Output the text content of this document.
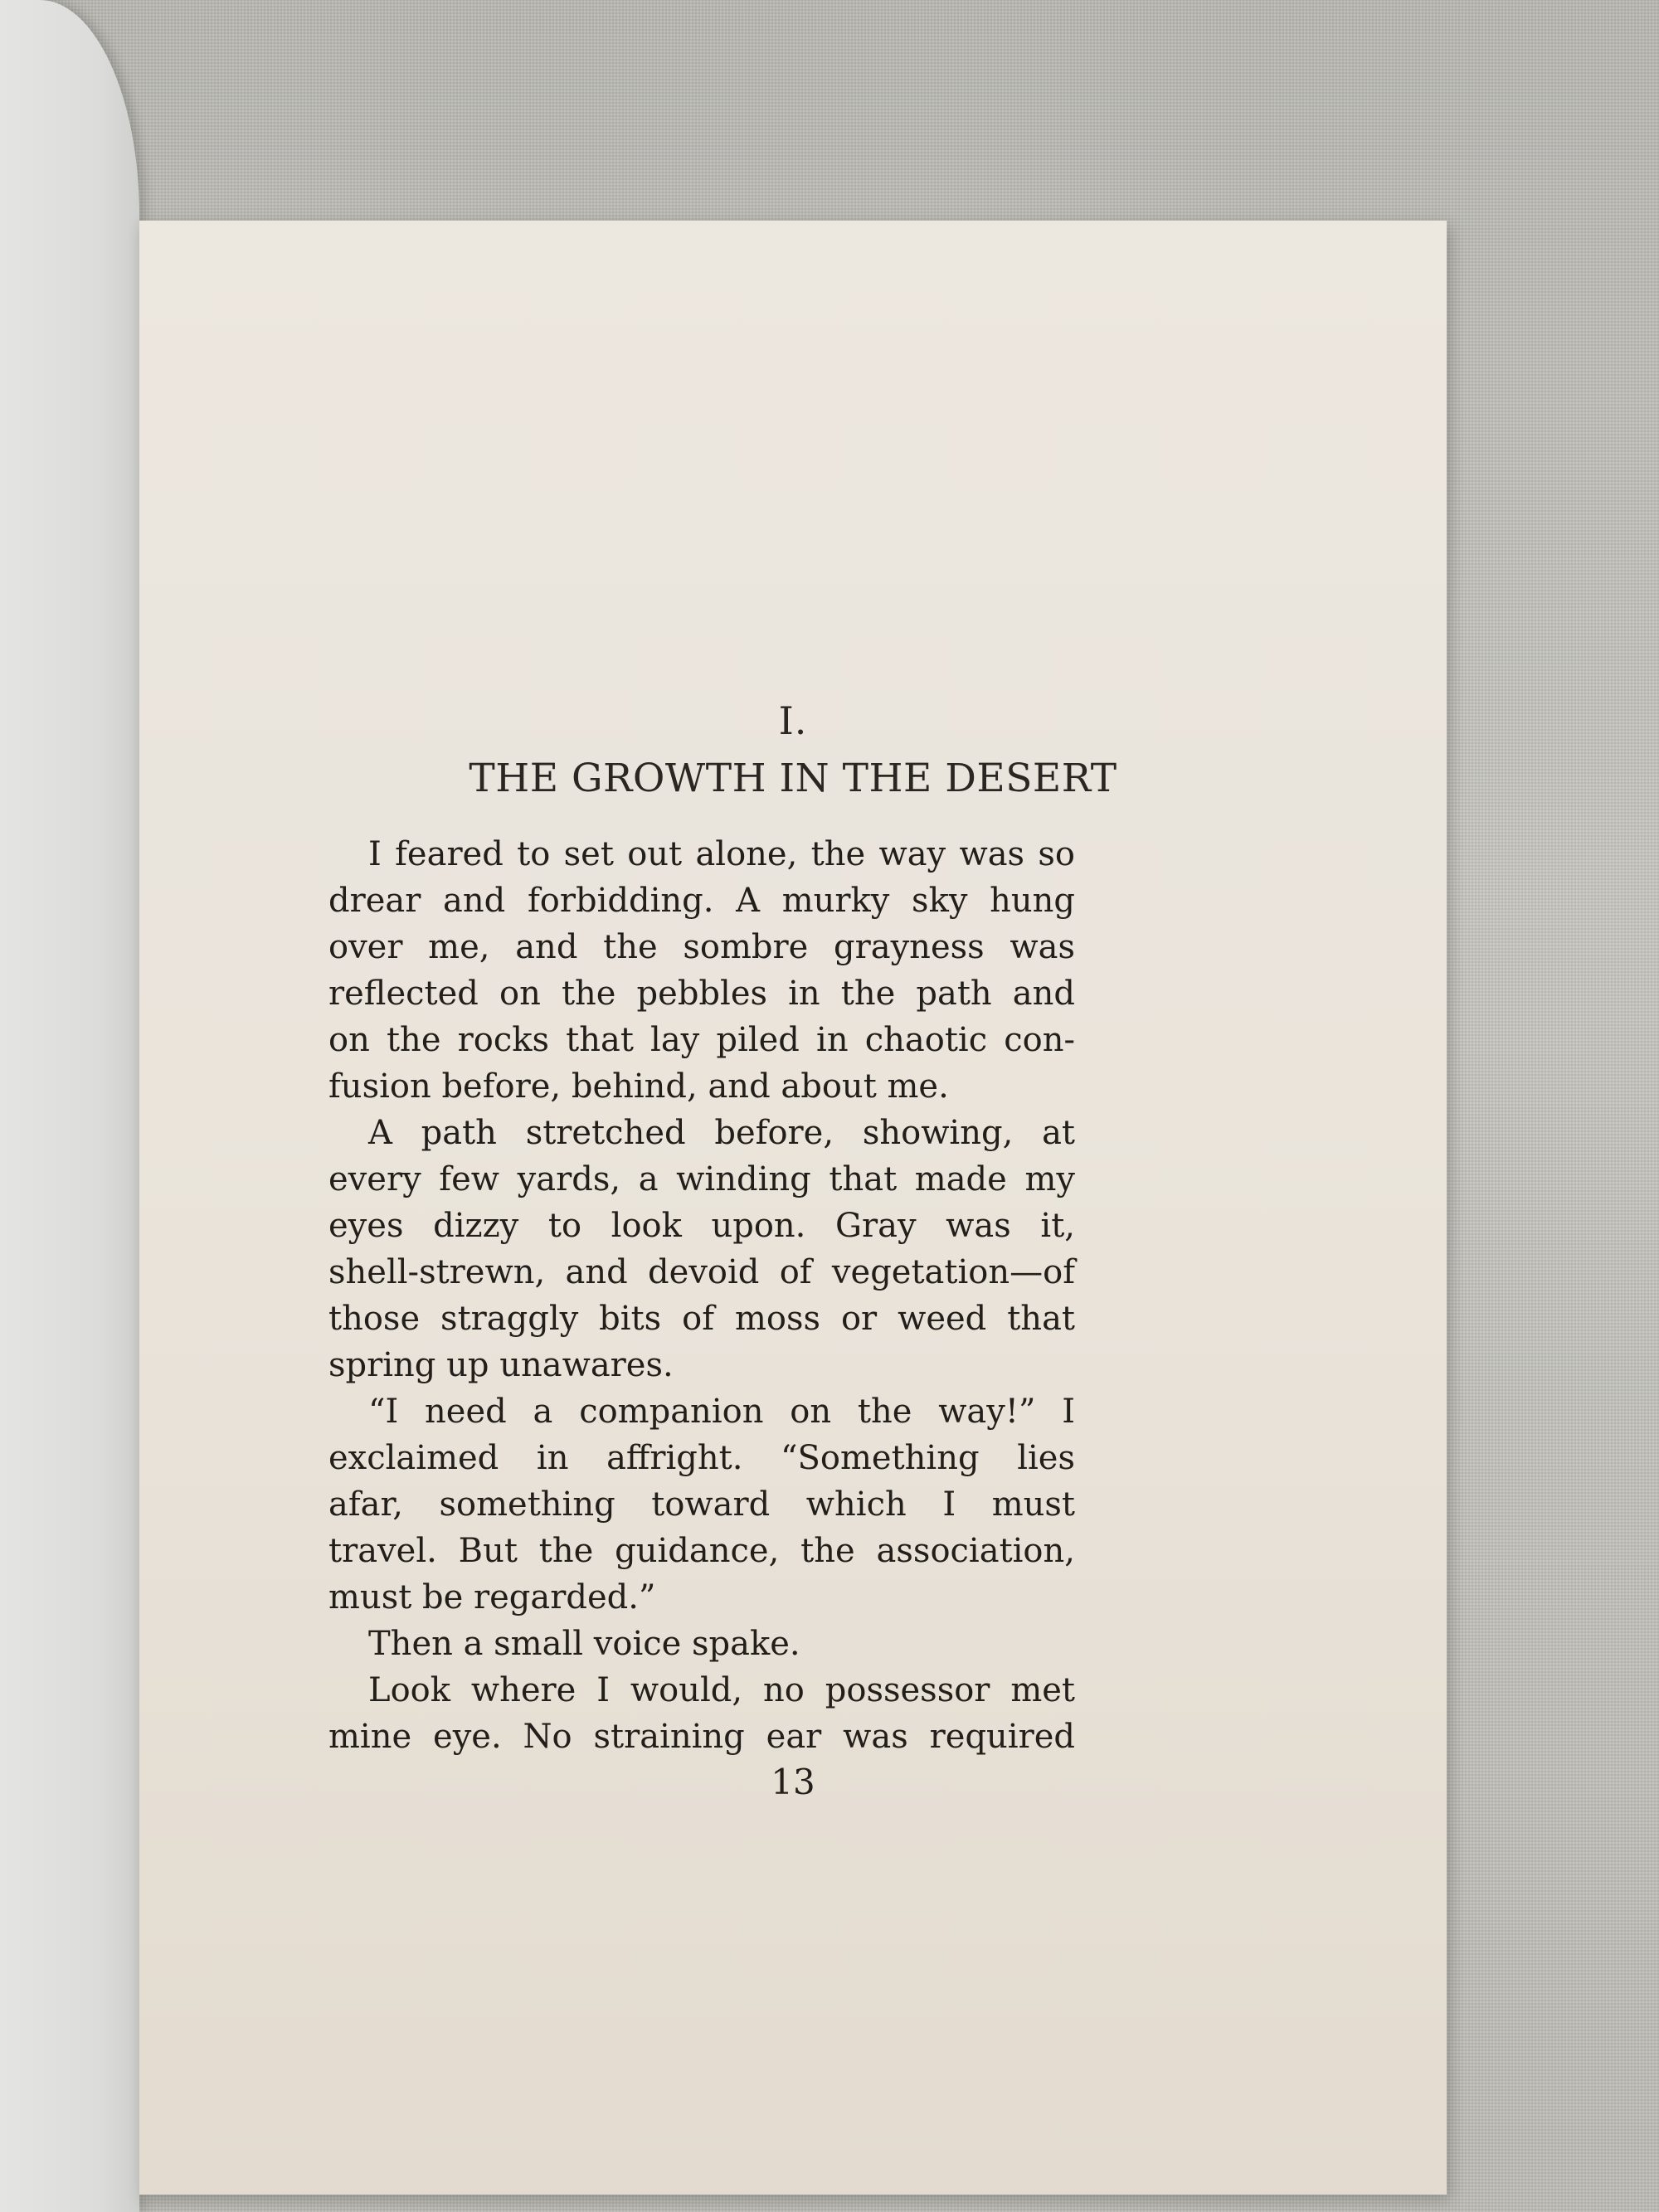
I.
THE GROWTH IN THE DESERT
I feared to set out alone, the way was so
drear and forbidding. A murky sky hung
over me, and the sombre grayness was
reflected on the pebbles in the path and
on the rocks that lay piled in chaotic con-
fusion before, behind, and about me.
A path stretched before, showing, at
every few yards, a winding that made my
eyes dizzy to look upon. Gray was it,
shell-strewn, and devoid of vegetation—of
those straggly bits of moss or weed that
spring up unawares.
“I need a companion on the way!” I
exclaimed in affright. “Something lies
afar, something toward which I must
travel. But the guidance, the association,
must be regarded.”
Then a small voice spake.
Look where I would, no possessor met
mine eye. No straining ear was required
13
